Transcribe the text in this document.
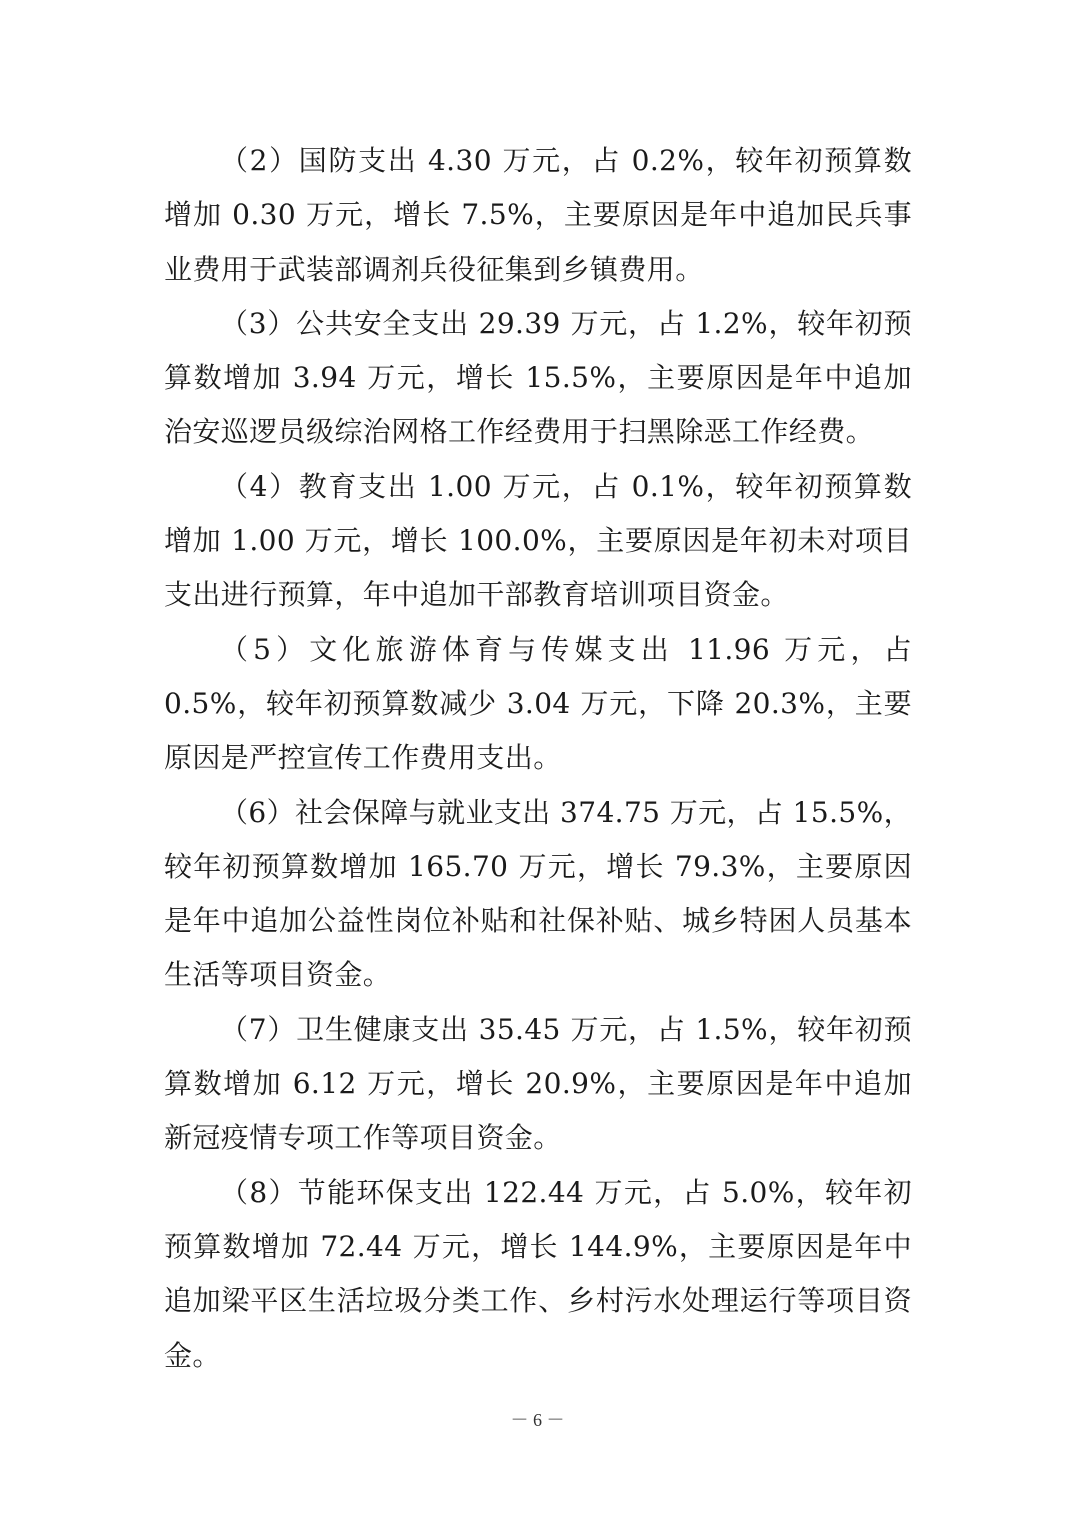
（2）国防支出 4.30 万元，占 0.2%，较年初预算数增加 0.30 万元，增长 7.5%，主要原因是年中追加民兵事业费用于武装部调剂兵役征集到乡镇费用。

（3）公共安全支出 29.39 万元，占 1.2%，较年初预算数增加 3.94 万元，增长 15.5%，主要原因是年中追加治安巡逻员级综治网格工作经费用于扫黑除恶工作经费。

（4）教育支出 1.00 万元，占 0.1%，较年初预算数增加 1.00 万元，增长 100.0%，主要原因是年初未对项目支出进行预算，年中追加干部教育培训项目资金。

（5）文化旅游体育与传媒支出 11.96 万元，占 0.5%，较年初预算数减少 3.04 万元，下降 20.3%，主要原因是严控宣传工作费用支出。

（6）社会保障与就业支出 374.75 万元，占 15.5%，较年初预算数增加 165.70 万元，增长 79.3%，主要原因是年中追加公益性岗位补贴和社保补贴、城乡特困人员基本生活等项目资金。

（7）卫生健康支出 35.45 万元，占 1.5%，较年初预算数增加 6.12 万元，增长 20.9%，主要原因是年中追加新冠疫情专项工作等项目资金。

（8）节能环保支出 122.44 万元，占 5.0%，较年初预算数增加 72.44 万元，增长 144.9%，主要原因是年中追加梁平区生活垃圾分类工作、乡村污水处理运行等项目资金。

－ 6 －
